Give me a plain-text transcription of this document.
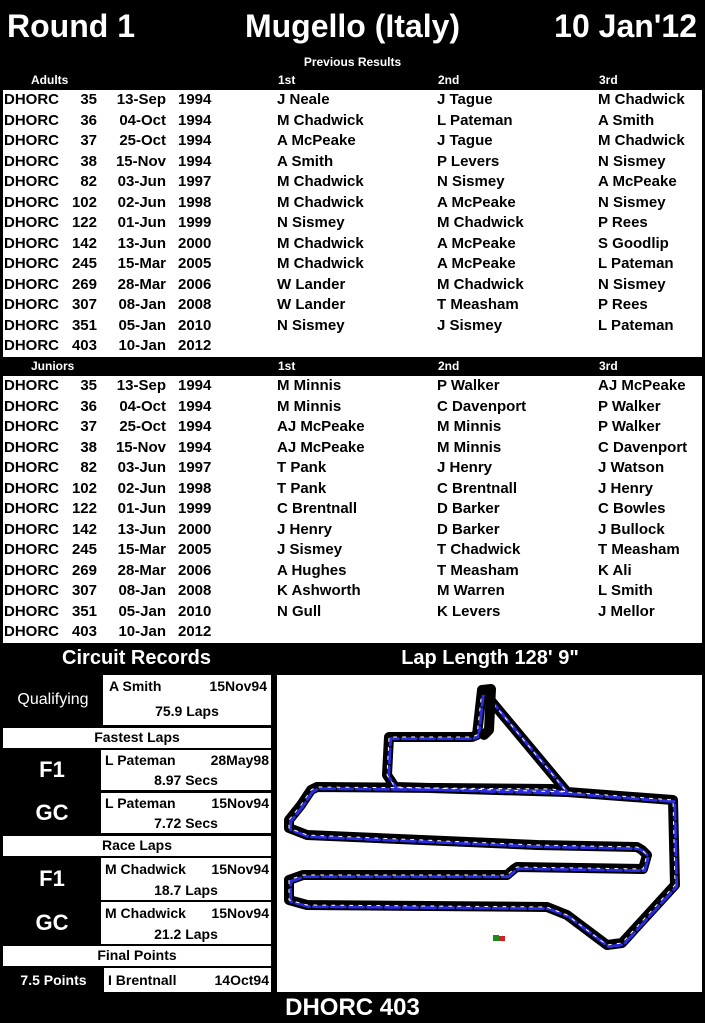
Round 1	Mugello (Italy)	10 Jan'12
Previous Results
Adults	1st	2nd	3rd
DHORC	35	13-Sep 1994	J Neale	J Tague	M Chadwick
DHORC	36	04-Oct 1994	M Chadwick	L Pateman	A Smith
DHORC	37	25-Oct 1994	A McPeake	J Tague	M Chadwick
DHORC	38	15-Nov 1994	A Smith	P Levers	N Sismey
DHORC	82	03-Jun 1997	M Chadwick	N Sismey	A McPeake
DHORC 102	02-Jun 1998	M Chadwick	A McPeake	N Sismey
DHORC 122	01-Jun 1999	N Sismey	M Chadwick	P Rees
DHORC 142	13-Jun 2000	M Chadwick	A McPeake	S Goodlip
DHORC 245	15-Mar 2005	M Chadwick	A McPeake	L Pateman
DHORC 269	28-Mar 2006	W Lander	M Chadwick	N Sismey
DHORC 307	08-Jan 2008	W Lander	T Measham	P Rees
DHORC 351	05-Jan 2010	N Sismey	J Sismey	L Pateman
DHORC 403	10-Jan 2012
Juniors	1st	2nd	3rd
DHORC	35	13-Sep 1994	M Minnis	P Walker	AJ McPeake
DHORC	36	04-Oct 1994	M Minnis	C Davenport	P Walker
DHORC	37	25-Oct 1994	AJ McPeake	M Minnis	P Walker
DHORC	38	15-Nov 1994	AJ McPeake	M Minnis	C Davenport
DHORC	82	03-Jun 1997	T Pank	J Henry	J Watson
DHORC 102	02-Jun 1998	T Pank	C Brentnall	J Henry
DHORC 122	01-Jun 1999	C Brentnall	D Barker	C Bowles
DHORC 142	13-Jun 2000	J Henry	D Barker	J Bullock
DHORC 245	15-Mar 2005	J Sismey	T Chadwick	T Measham
DHORC 269	28-Mar 2006	A Hughes	T Measham	K Ali
DHORC 307	08-Jan 2008	K Ashworth	M Warren	L Smith
DHORC 351	05-Jan 2010	N Gull	K Levers	J Mellor
DHORC 403	10-Jan 2012
Circuit Records
Qualifying
A Smith	15Nov94
75.9 Laps
Fastest Laps
F1	L Pateman	28May98
8.97 Secs
GC	L Pateman	15Nov94
7.72 Secs
Race Laps
F1	M Chadwick 15Nov94
18.7 Laps
GC	M Chadwick 15Nov94
21.2 Laps
Final Points
7.5 Points	I Brentnall	14Oct94
Lap Length 128' 9"
DHORC 403
